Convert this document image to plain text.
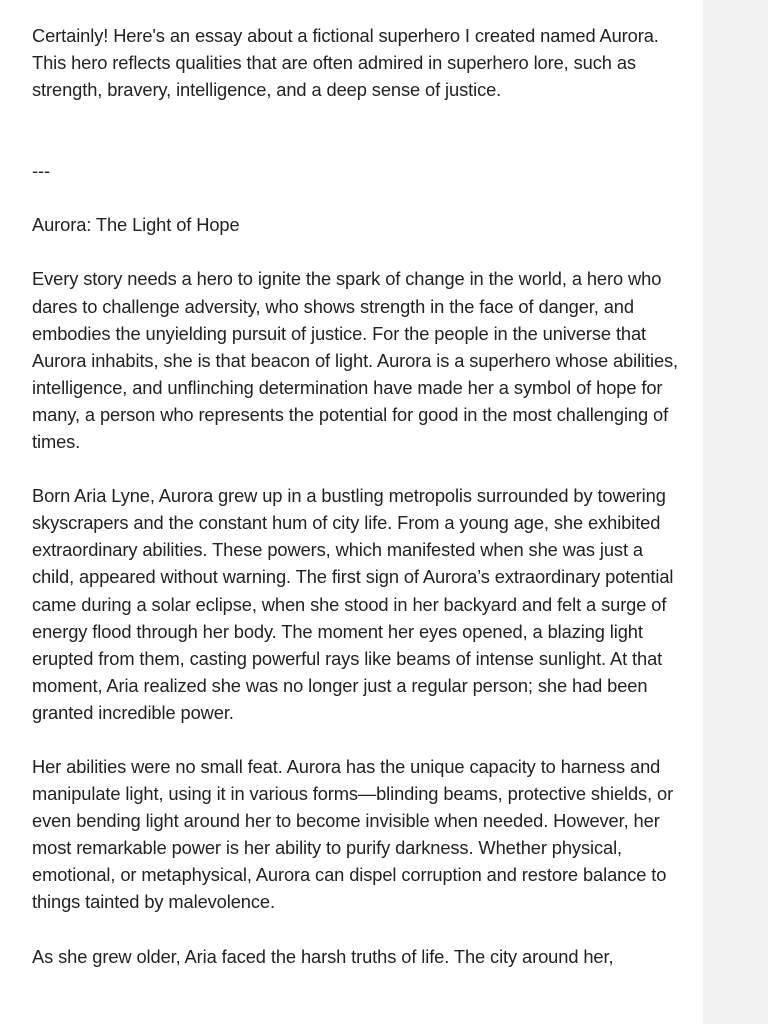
Certainly! Here's an essay about a fictional superhero I created named Aurora. This hero reflects qualities that are often admired in superhero lore, such as strength, bravery, intelligence, and a deep sense of justice.

---

Aurora: The Light of Hope

Every story needs a hero to ignite the spark of change in the world, a hero who dares to challenge adversity, who shows strength in the face of danger, and embodies the unyielding pursuit of justice. For the people in the universe that Aurora inhabits, she is that beacon of light. Aurora is a superhero whose abilities, intelligence, and unflinching determination have made her a symbol of hope for many, a person who represents the potential for good in the most challenging of times.

Born Aria Lyne, Aurora grew up in a bustling metropolis surrounded by towering skyscrapers and the constant hum of city life. From a young age, she exhibited extraordinary abilities. These powers, which manifested when she was just a child, appeared without warning. The first sign of Aurora’s extraordinary potential came during a solar eclipse, when she stood in her backyard and felt a surge of energy flood through her body. The moment her eyes opened, a blazing light erupted from them, casting powerful rays like beams of intense sunlight. At that moment, Aria realized she was no longer just a regular person; she had been granted incredible power.

Her abilities were no small feat. Aurora has the unique capacity to harness and manipulate light, using it in various forms—blinding beams, protective shields, or even bending light around her to become invisible when needed. However, her most remarkable power is her ability to purify darkness. Whether physical, emotional, or metaphysical, Aurora can dispel corruption and restore balance to things tainted by malevolence.

As she grew older, Aria faced the harsh truths of life. The city around her,
